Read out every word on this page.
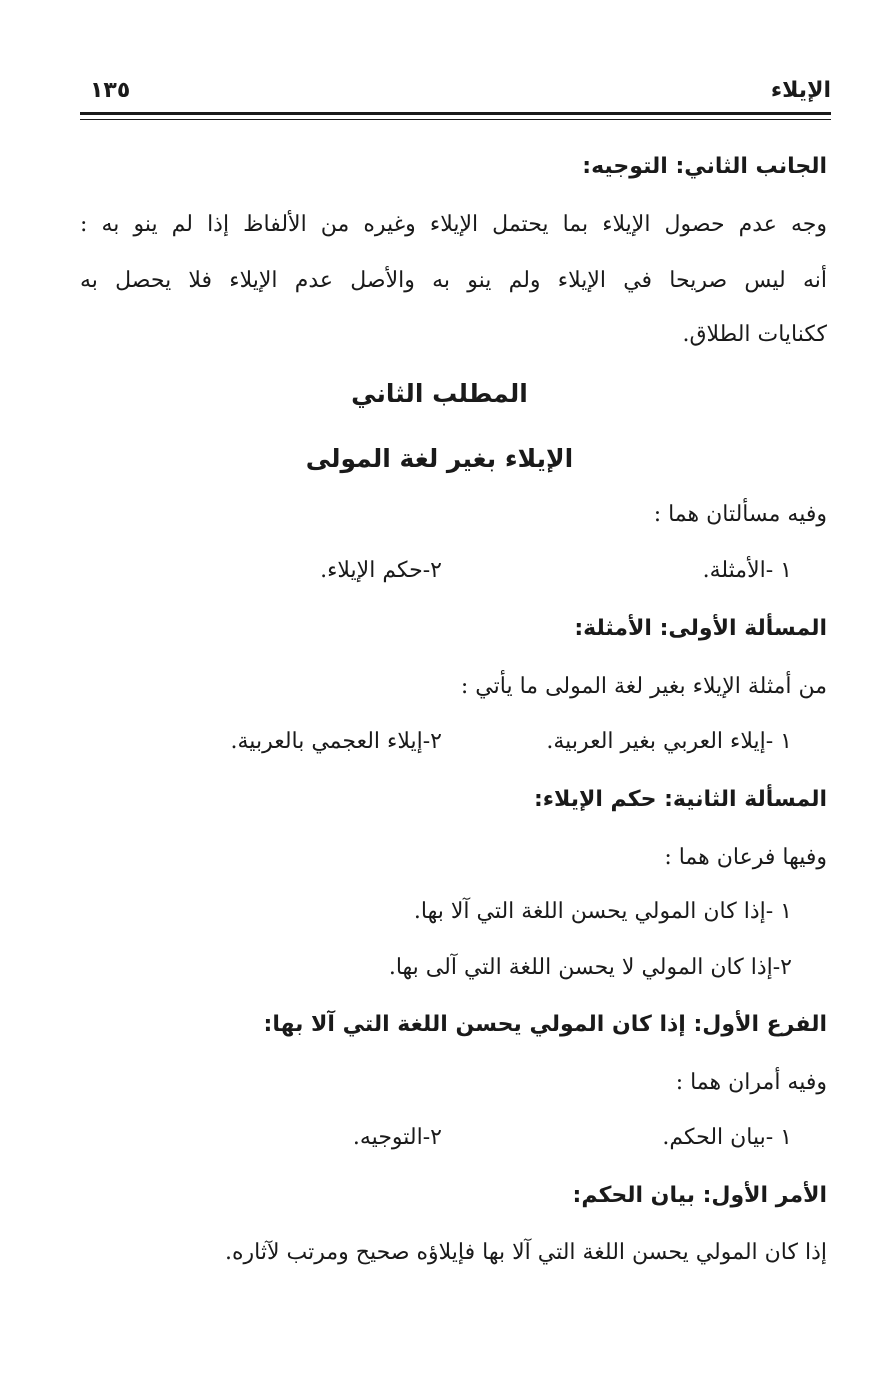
الإيلاء
١٣٥
الجانب الثاني: التوجيه:
وجه عدم حصول الإيلاء بما يحتمل الإيلاء وغيره من الألفاظ إذا لم ينو به :
أنه ليس صريحا في الإيلاء ولم ينو به والأصل عدم الإيلاء فلا يحصل به
ككنايات الطلاق.
المطلب الثاني
الإيلاء بغير لغة المولى
وفيه مسألتان هما :
١ -الأمثلة.
٢-حكم الإيلاء.
المسألة الأولى: الأمثلة:
من أمثلة الإيلاء بغير لغة المولى ما يأتي :
١ -إيلاء العربي بغير العربية.
٢-إيلاء العجمي بالعربية.
المسألة الثانية: حكم الإيلاء:
وفيها فرعان هما :
١ -إذا كان المولي يحسن اللغة التي آلا بها.
٢-إذا كان المولي لا يحسن اللغة التي آلى بها.
الفرع الأول: إذا كان المولي يحسن اللغة التي آلا بها:
وفيه أمران هما :
١ -بيان الحكم.
٢-التوجيه.
الأمر الأول: بيان الحكم:
إذا كان المولي يحسن اللغة التي آلا بها فإيلاؤه صحيح ومرتب لآثاره.
